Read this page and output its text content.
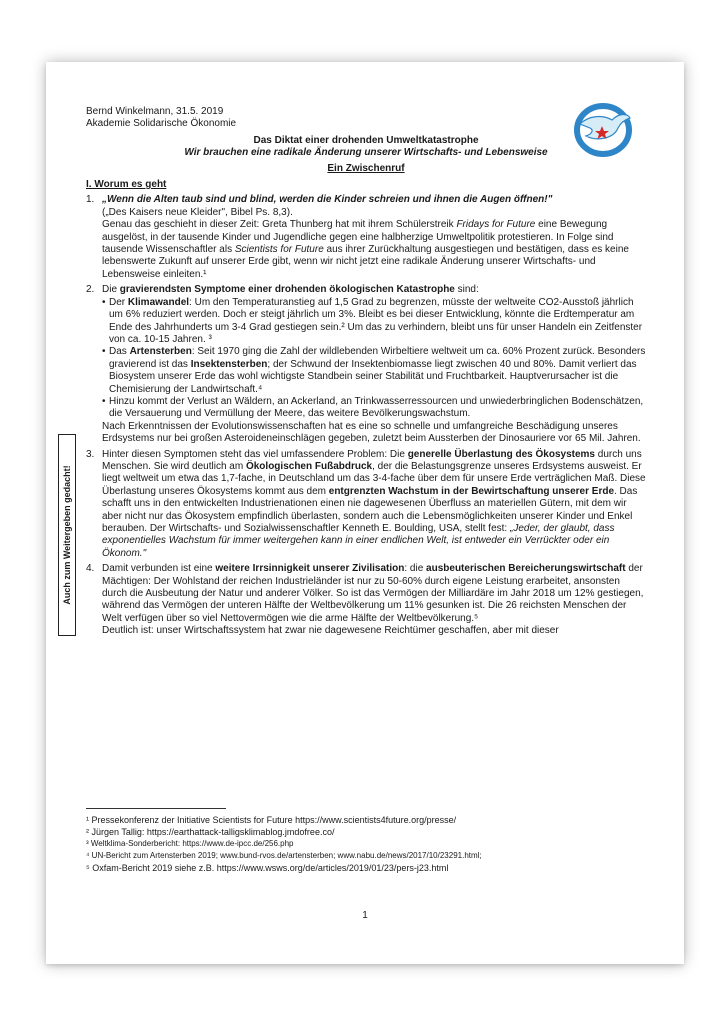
Auch zum Weitergeben gedacht!

Bernd Winkelmann, 31.5. 2019

Akademie Solidarische Ökonomie

Das Diktat einer drohenden Umweltkatastrophe
Wir brauchen eine radikale Änderung unserer Wirtschafts- und Lebensweise
Ein Zwischenruf
I. Worum es geht
1. „Wenn die Alten taub sind und blind, werden die Kinder schreien und ihnen die Augen öffnen!"

(„Des Kaisers neue Kleider", Bibel Ps. 8,3).

Genau das geschieht in dieser Zeit: Greta Thunberg hat mit ihrem Schülerstreik Fridays for Future eine Bewegung ausgelöst, in der tausende Kinder und Jugendliche gegen eine halbherzige Umweltpolitik protestieren. In Folge sind tausende Wissenschaftler als Scientists for Future aus ihrer Zurückhaltung ausgestiegen und bestätigen, dass es keine lebenswerte Zukunft auf unserer Erde gibt, wenn wir nicht jetzt eine radikale Änderung unserer Wirtschafts- und Lebensweise einleiten.¹

2. Die gravierendsten Symptome einer drohenden ökologischen Katastrophe sind:

• Der Klimawandel: Um den Temperaturanstieg auf 1,5 Grad zu begrenzen, müsste der weltweite CO2-Ausstoß jährlich um 6% reduziert werden. Doch er steigt jährlich um 3%. Bleibt es bei dieser Entwicklung, könnte die Erdtemperatur am Ende des Jahrhunderts um 3-4 Grad gestiegen sein.² Um das zu verhindern, bleibt uns für unser Handeln ein Zeitfenster von ca. 10-15 Jahren. ³
• Das Artensterben: Seit 1970 ging die Zahl der wildlebenden Wirbeltiere weltweit um ca. 60% Prozent zurück. Besonders gravierend ist das Insektensterben; der Schwund der Insektenbiomasse liegt zwischen 40 und 80%. Damit verliert das Biosystem unserer Erde das wohl wichtigste Standbein seiner Stabilität und Fruchtbarkeit. Hauptverursacher ist die Chemisierung der Landwirtschaft.⁴
• Hinzu kommt der Verlust an Wäldern, an Ackerland, an Trinkwasserressourcen und unwiederbringlichen Bodenschätzen, die Versauerung und Vermüllung der Meere, das weitere Bevölkerungswachstum.

Nach Erkenntnissen der Evolutionswissenschaften hat es eine so schnelle und umfangreiche Beschädigung unseres Erdsystems nur bei großen Asteroideneinschlägen gegeben, zuletzt beim Aussterben der Dinosauriere vor 65 Mil. Jahren.

3. Hinter diesen Symptomen steht das viel umfassendere Problem: Die generelle Überlastung des Ökosystems durch uns Menschen. Sie wird deutlich am Ökologischen Fußabdruck, der die Belastungsgrenze unseres Erdsystems ausweist. Er liegt weltweit um etwa das 1,7-fache, in Deutschland um das 3-4-fache über dem für unsere Erde verträglichen Maß. Diese Überlastung unseres Ökosystems kommt aus dem entgrenzten Wachstum in der Bewirtschaftung unserer Erde. Das schafft uns in den entwickelten Industrienationen einen nie dagewesenen Überfluss an materiellen Gütern, mit dem wir aber nicht nur das Ökosystem empfindlich überlasten, sondern auch die Lebensmöglichkeiten unserer Kinder und Enkel berauben. Der Wirtschafts- und Sozialwissenschaftler Kenneth E. Boulding, USA, stellt fest: „Jeder, der glaubt, dass exponentielles Wachstum für immer weitergehen kann in einer endlichen Welt, ist entweder ein Verrückter oder ein Ökonom."

4. Damit verbunden ist eine weitere Irrsinnigkeit unserer Zivilisation: die ausbeuterischen Bereicherungswirtschaft der Mächtigen: Der Wohlstand der reichen Industrieländer ist nur zu 50-60% durch eigene Leistung erarbeitet, ansonsten durch die Ausbeutung der Natur und anderer Völker. So ist das Vermögen der Milliardäre im Jahr 2018 um 12% gestiegen, während das Vermögen der unteren Hälfte der Weltbevölkerung um 11% gesunken ist. Die 26 reichsten Menschen der Welt verfügen über so viel Nettovermögen wie die arme Hälfte der Weltbevölkerung.⁵

Deutlich ist: unser Wirtschaftssystem hat zwar nie dagewesene Reichtümer geschaffen, aber mit dieser

¹ Pressekonferenz der Initiative Scientists for Future https://www.scientists4future.org/presse/
² Jürgen Tallig: https://earthattack-talligsklimablog.jmdofree.co/
³ Weltklima-Sonderbericht: https://www.de-ipcc.de/256.php
⁴ UN-Bericht zum Artensterben 2019; www.bund-rvos.de/artensterben; www.nabu.de/news/2017/10/23291.html;
⁵ Oxfam-Bericht 2019 siehe z.B. https://www.wsws.org/de/articles/2019/01/23/pers-j23.html
1
